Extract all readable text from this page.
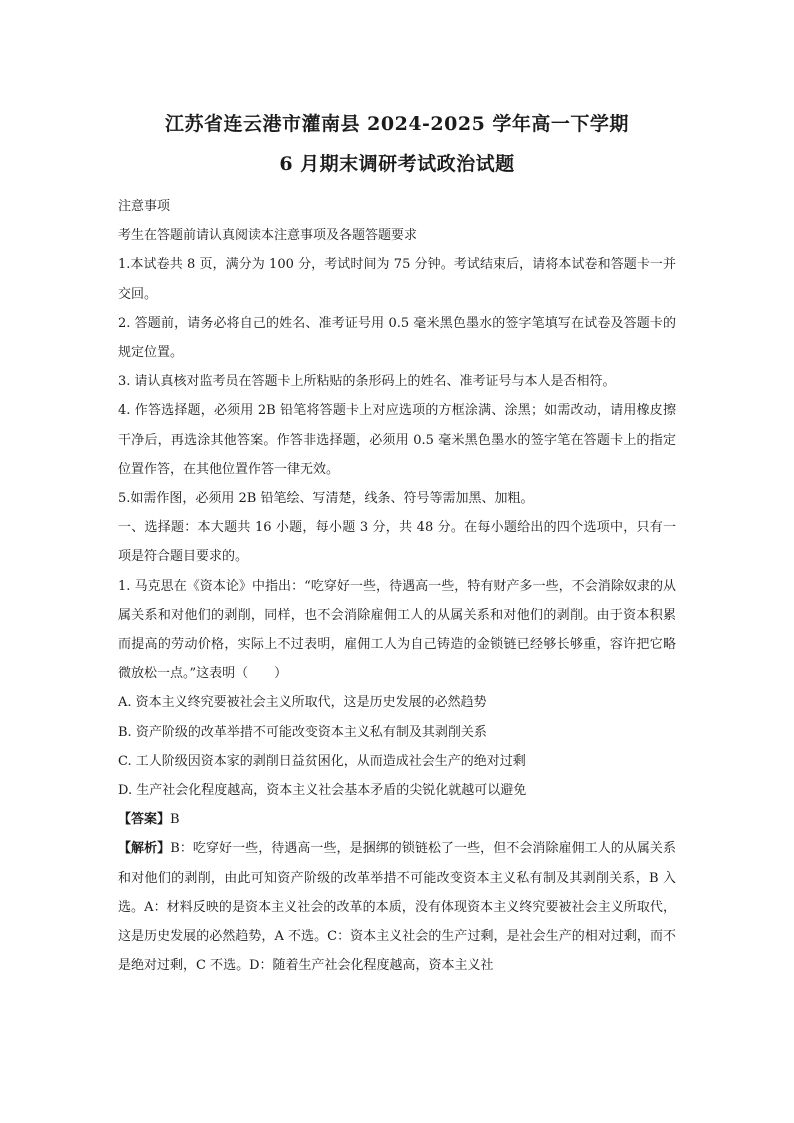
江苏省连云港市灌南县 2024-2025 学年高一下学期
6 月期末调研考试政治试题

注意事项

考生在答题前请认真阅读本注意事项及各题答题要求

1.本试卷共 8 页，满分为 100 分，考试时间为 75 分钟。考试结束后，请将本试卷和答题卡一并交回。

2. 答题前，请务必将自己的姓名、准考证号用 0.5 毫米黑色墨水的签字笔填写在试卷及答题卡的规定位置。

3. 请认真核对监考员在答题卡上所粘贴的条形码上的姓名、准考证号与本人是否相符。

4. 作答选择题，必须用 2B 铅笔将答题卡上对应选项的方框涂满、涂黑；如需改动，请用橡皮擦干净后，再选涂其他答案。作答非选择题，必须用 0.5 毫米黑色墨水的签字笔在答题卡上的指定位置作答，在其他位置作答一律无效。

5.如需作图，必须用 2B 铅笔绘、写清楚，线条、符号等需加黑、加粗。

一、选择题：本大题共 16 小题，每小题 3 分，共 48 分。在每小题给出的四个选项中，只有一项是符合题目要求的。

1. 马克思在《资本论》中指出：“吃穿好一些，待遇高一些，特有财产多一些，不会消除奴隶的从属关系和对他们的剥削，同样，也不会消除雇佣工人的从属关系和对他们的剥削。由于资本积累而提高的劳动价格，实际上不过表明，雇佣工人为自己铸造的金锁链已经够长够重，容许把它略微放松一点。”这表明（　　）

A. 资本主义终究要被社会主义所取代，这是历史发展的必然趋势

B. 资产阶级的改革举措不可能改变资本主义私有制及其剥削关系

C. 工人阶级因资本家的剥削日益贫困化，从而造成社会生产的绝对过剩

D. 生产社会化程度越高，资本主义社会基本矛盾的尖锐化就越可以避免

【答案】B

【解析】B：吃穿好一些，待遇高一些，是捆绑的锁链松了一些，但不会消除雇佣工人的从属关系和对他们的剥削，由此可知资产阶级的改革举措不可能改变资本主义私有制及其剥削关系，B 入选。A：材料反映的是资本主义社会的改革的本质，没有体现资本主义终究要被社会主义所取代，这是历史发展的必然趋势，A 不选。C：资本主义社会的生产过剩，是社会生产的相对过剩，而不是绝对过剩，C 不选。D：随着生产社会化程度越高，资本主义社
